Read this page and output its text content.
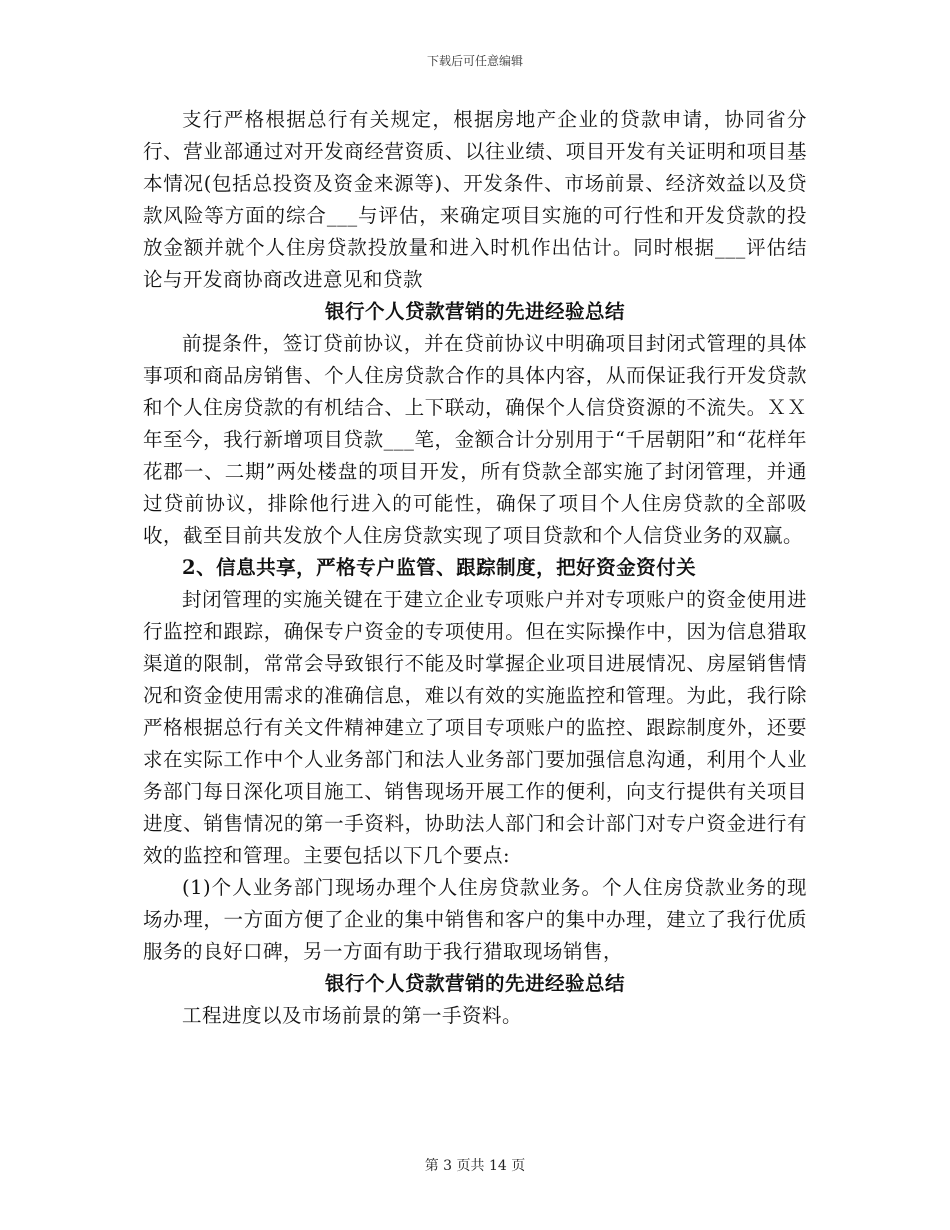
下载后可任意编辑

支行严格根据总行有关规定，根据房地产企业的贷款申请，协同省分行、营业部通过对开发商经营资质、以往业绩、项目开发有关证明和项目基本情况(包括总投资及资金来源等)、开发条件、市场前景、经济效益以及贷款风险等方面的综合___与评估，来确定项目实施的可行性和开发贷款的投放金额并就个人住房贷款投放量和进入时机作出估计。同时根据___评估结论与开发商协商改进意见和贷款

银行个人贷款营销的先进经验总结

前提条件，签订贷前协议，并在贷前协议中明确项目封闭式管理的具体事项和商品房销售、个人住房贷款合作的具体内容，从而保证我行开发贷款和个人住房贷款的有机结合、上下联动，确保个人信贷资源的不流失。ＸＸ年至今，我行新增项目贷款___笔，金额合计分别用于“千居朝阳”和“花样年花郡一、二期”两处楼盘的项目开发，所有贷款全部实施了封闭管理，并通过贷前协议，排除他行进入的可能性，确保了项目个人住房贷款的全部吸收，截至目前共发放个人住房贷款实现了项目贷款和个人信贷业务的双赢。

2、信息共享，严格专户监管、跟踪制度，把好资金资付关

封闭管理的实施关键在于建立企业专项账户并对专项账户的资金使用进行监控和跟踪，确保专户资金的专项使用。但在实际操作中，因为信息猎取渠道的限制，常常会导致银行不能及时掌握企业项目进展情况、房屋销售情况和资金使用需求的准确信息，难以有效的实施监控和管理。为此，我行除严格根据总行有关文件精神建立了项目专项账户的监控、跟踪制度外，还要求在实际工作中个人业务部门和法人业务部门要加强信息沟通，利用个人业务部门每日深化项目施工、销售现场开展工作的便利，向支行提供有关项目进度、销售情况的第一手资料，协助法人部门和会计部门对专户资金进行有效的监控和管理。主要包括以下几个要点:

(1)个人业务部门现场办理个人住房贷款业务。个人住房贷款业务的现场办理，一方面方便了企业的集中销售和客户的集中办理，建立了我行优质服务的良好口碑，另一方面有助于我行猎取现场销售，

银行个人贷款营销的先进经验总结

工程进度以及市场前景的第一手资料。

第 3 页共 14 页
